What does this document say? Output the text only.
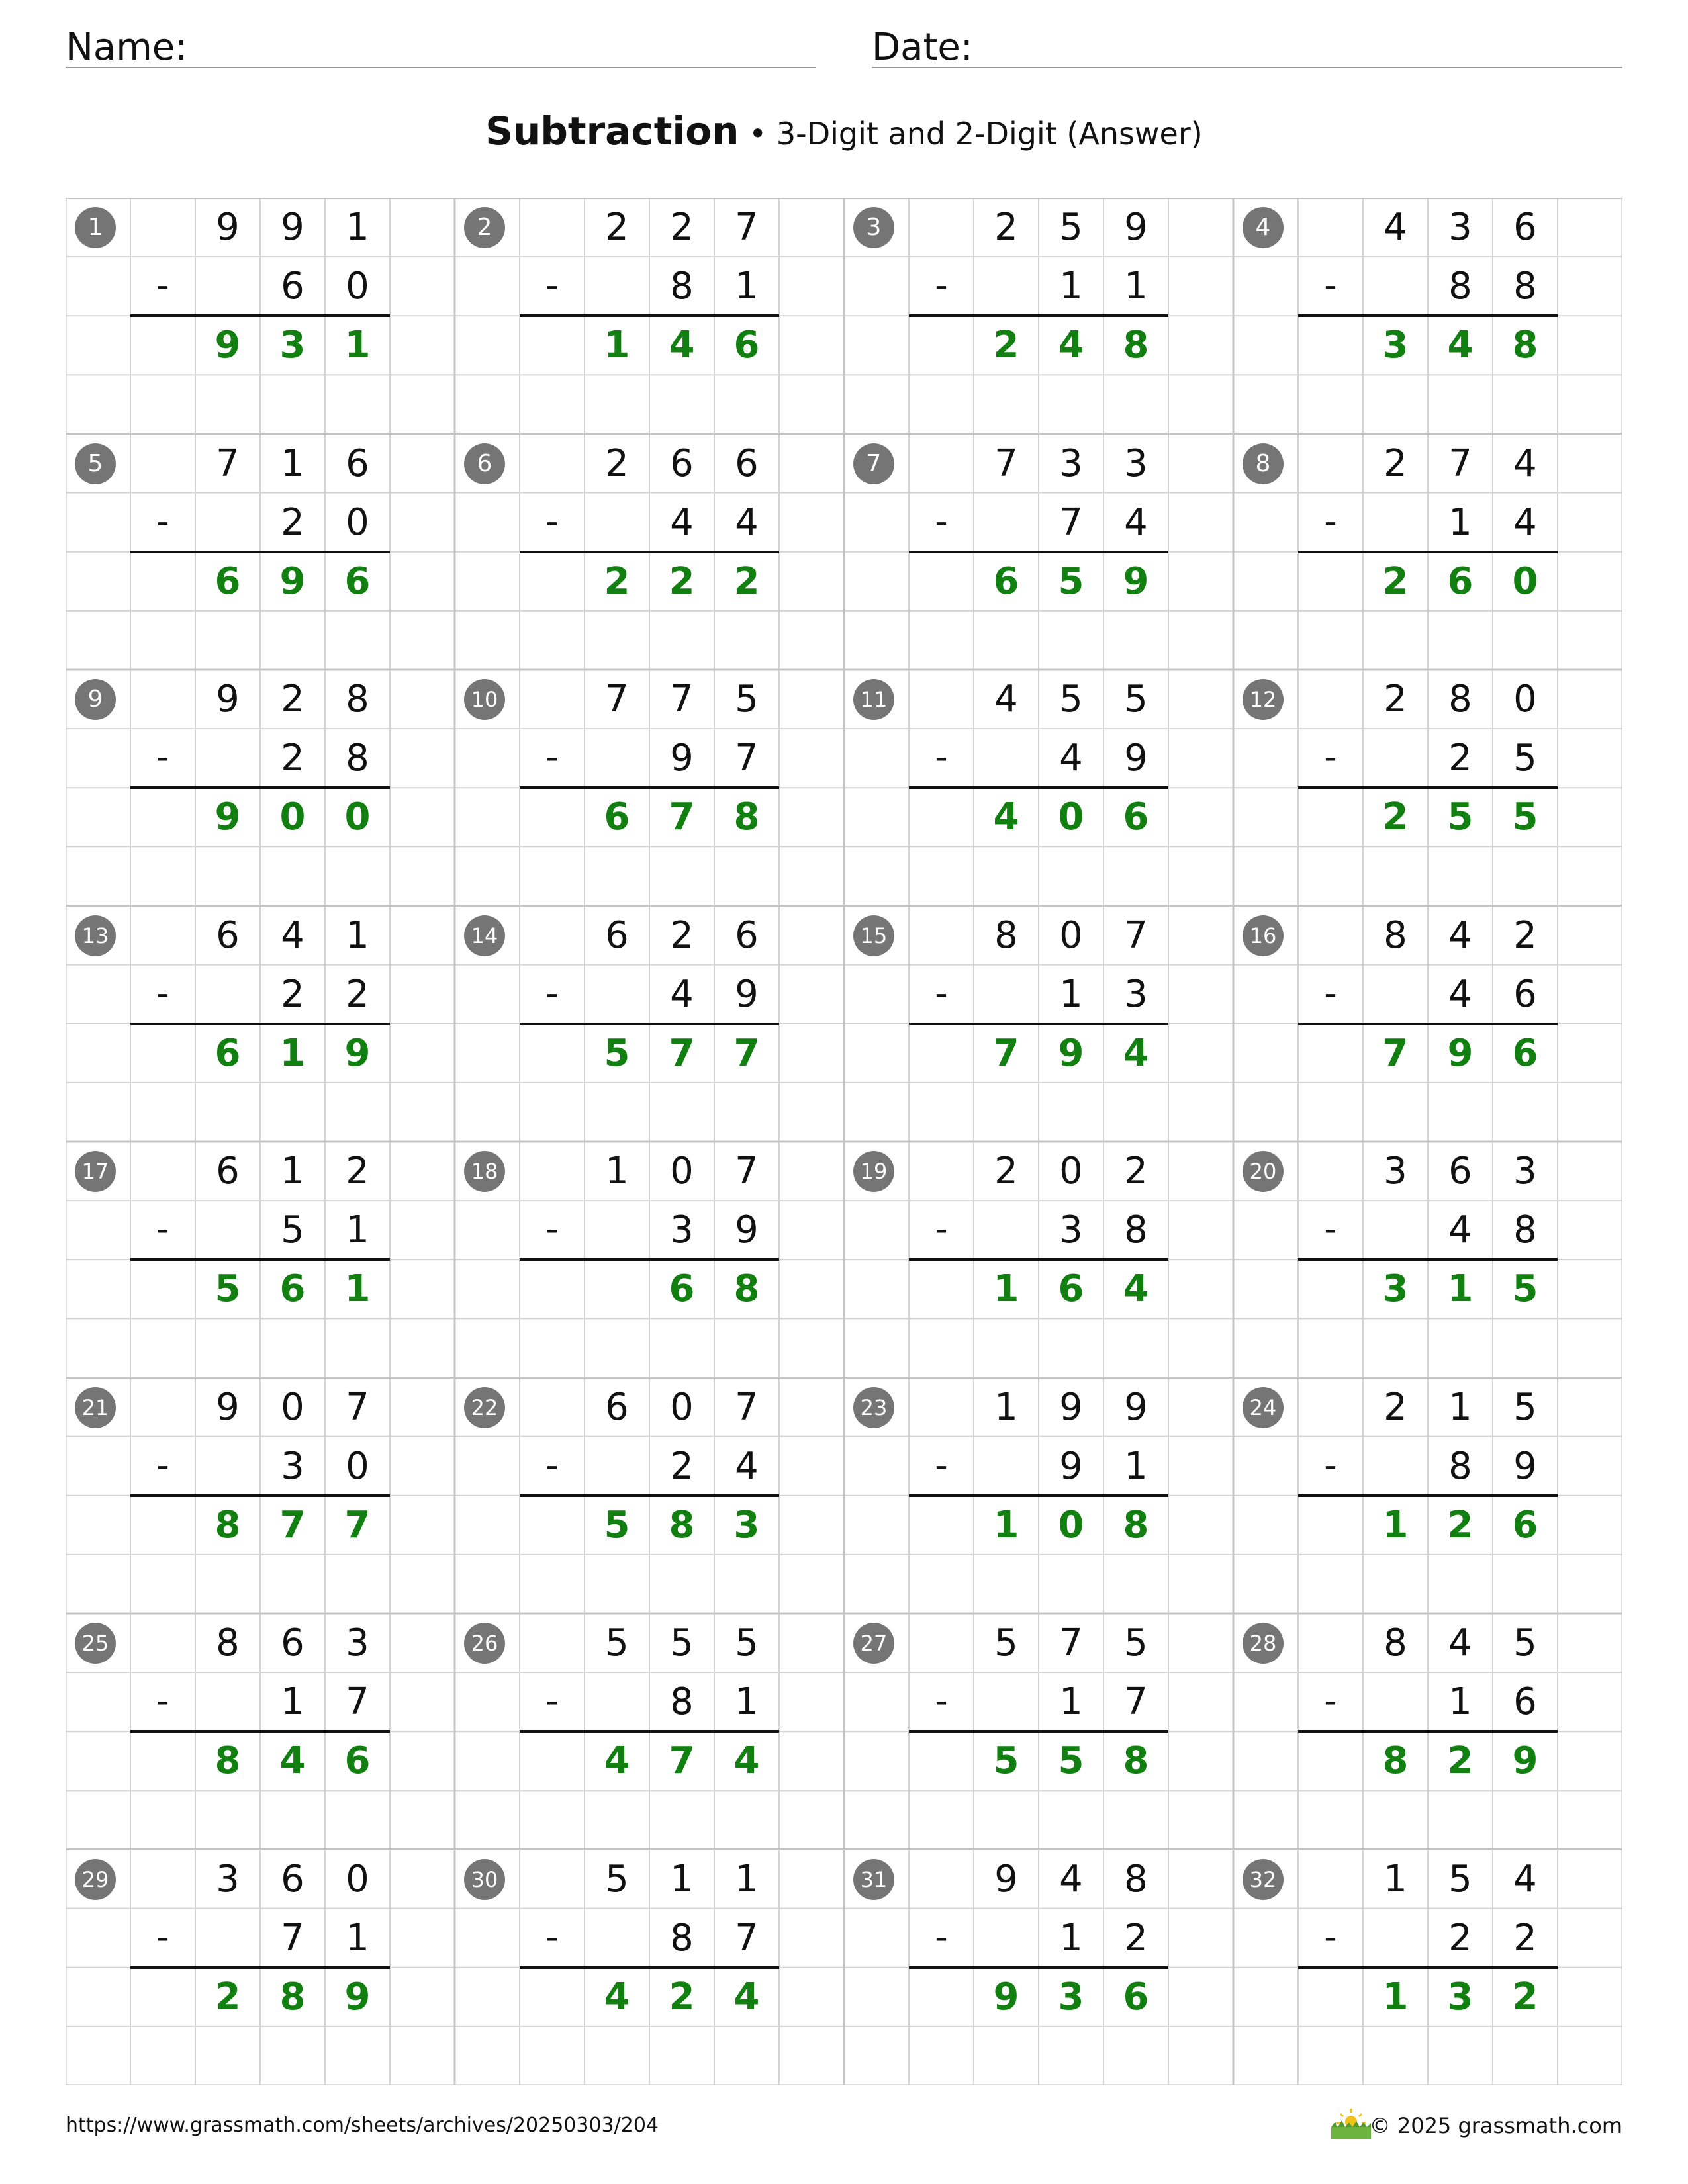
Name:	Date:
Subtraction • 3-Digit and 2-Digit (Answer)
1	9	9	1
-	6	0
9	3	1
2	2	2	7
-	8	1
1	4	6
3	2	5	9
-	1	1
2	4	8
4	4	3	6
-	8	8
3	4	8
5	7	1	6
-	2	0
6	9	6
6	2	6	6
-	4	4
2	2	2
7	7	3	3
-	7	4
6	5	9
8	2	7	4
-	1	4
2	6	0
9	9	2	8
-	2	8
9	0	0
10	7	7	5
-	9	7
6	7	8
11	4	5	5
-	4	9
4	0	6
12	2	8	0
-	2	5
2	5	5
13	6	4	1
-	2	2
6	1	9
14	6	2	6
-	4	9
5	7	7
15	8	0	7
-	1	3
7	9	4
16	8	4	2
-	4	6
7	9	6
17	6	1	2
-	5	1
5	6	1
18	1	0	7
-	3	9
6	8
19	2	0	2
-	3	8
1	6	4
20	3	6	3
-	4	8
3	1	5
21	9	0	7
-	3	0
8	7	7
22	6	0	7
-	2	4
5	8	3
23	1	9	9
-	9	1
1	0	8
24	2	1	5
-	8	9
1	2	6
25	8	6	3
-	1	7
8	4	6
26	5	5	5
-	8	1
4	7	4
27	5	7	5
-	1	7
5	5	8
28	8	4	5
-	1	6
8	2	9
29	3	6	0
-	7	1
2	8	9
30	5	1	1
-	8	7
4	2	4
31	9	4	8
-	1	2
9	3	6
32	1	5	4
-	2	2
1	3	2
https://www.grassmath.com/sheets/archives/20250303/204	© 2025 grassmath.com
